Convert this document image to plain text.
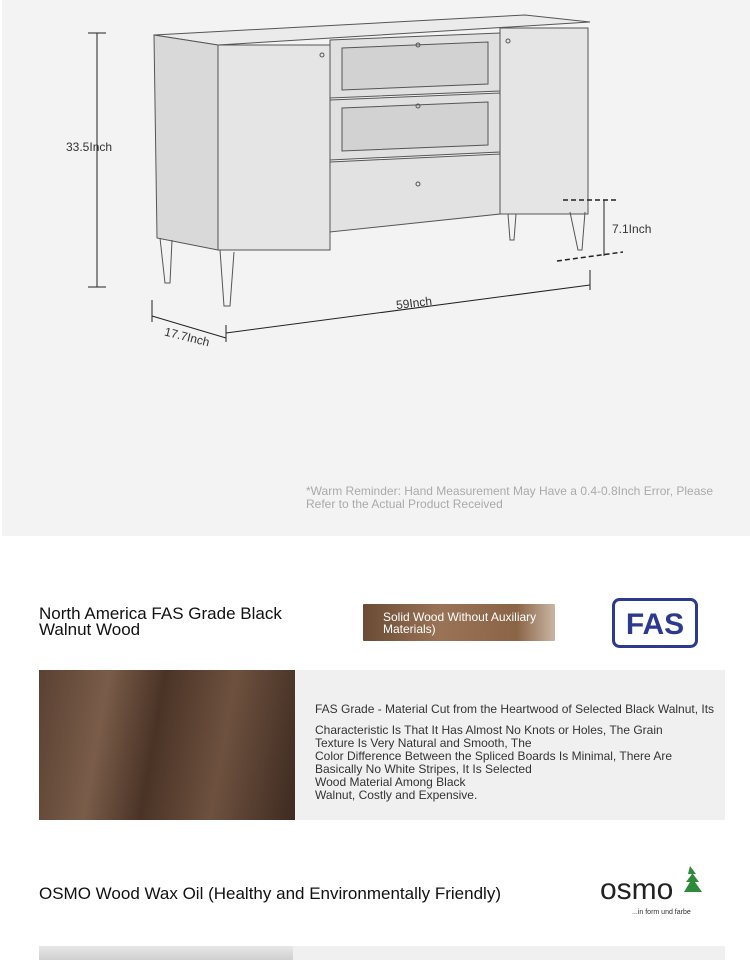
33.5Inch
7.1Inch
59Inch
17.7Inch
*Warm Reminder: Hand Measurement May Have a 0.4-0.8Inch Error, Please Refer to the Actual Product Received
North America FAS Grade Black Walnut Wood
Solid Wood Without Auxiliary Materials)	FAS

FAS Grade - Material Cut from the Heartwood of Selected Black Walnut, Its

Characteristic Is That It Has Almost No Knots or Holes, The Grain

Texture Is Very Natural and Smooth, The

Color Difference Between the Spliced Boards Is Minimal, There Are

Basically No White Stripes, It Is Selected

Wood Material Among Black

Walnut, Costly and Expensive.

OSMO Wood Wax Oil (Healthy and Environmentally Friendly)	osmo
...in form und farbe
